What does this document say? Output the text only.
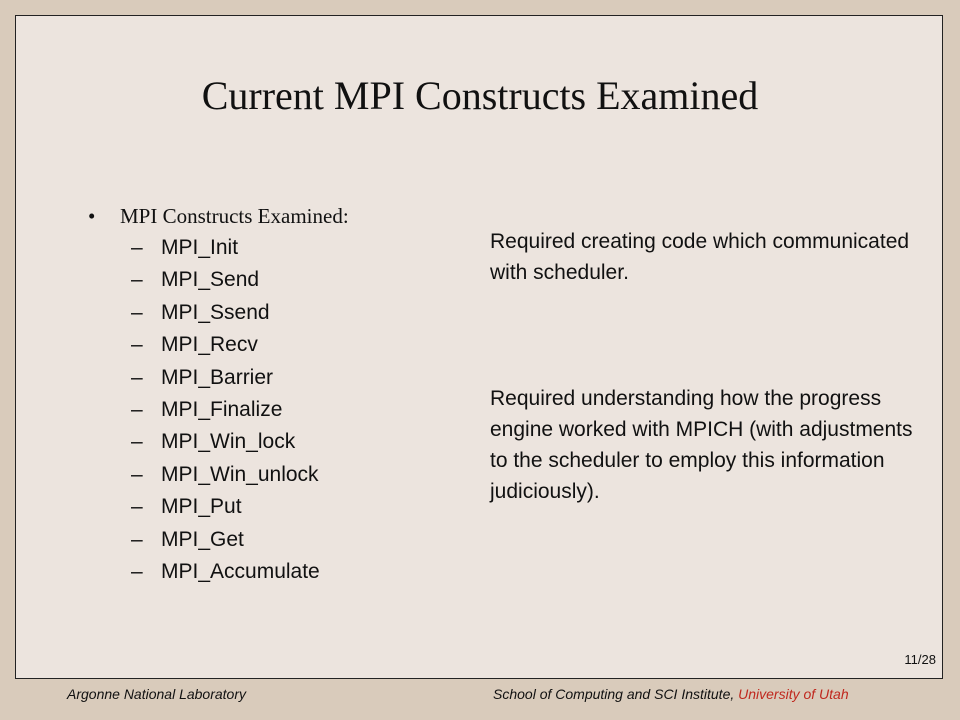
Current MPI Constructs Examined
• MPI Constructs Examined:
– MPI_Init
– MPI_Send
– MPI_Ssend
– MPI_Recv
– MPI_Barrier
– MPI_Finalize
– MPI_Win_lock
– MPI_Win_unlock
– MPI_Put
– MPI_Get
– MPI_Accumulate
Required creating code which communicated with scheduler.
Required understanding how the progress engine worked with MPICH (with adjustments to the scheduler to employ this information judiciously).
11/28
Argonne National Laboratory	School of Computing and SCI Institute, University of Utah
